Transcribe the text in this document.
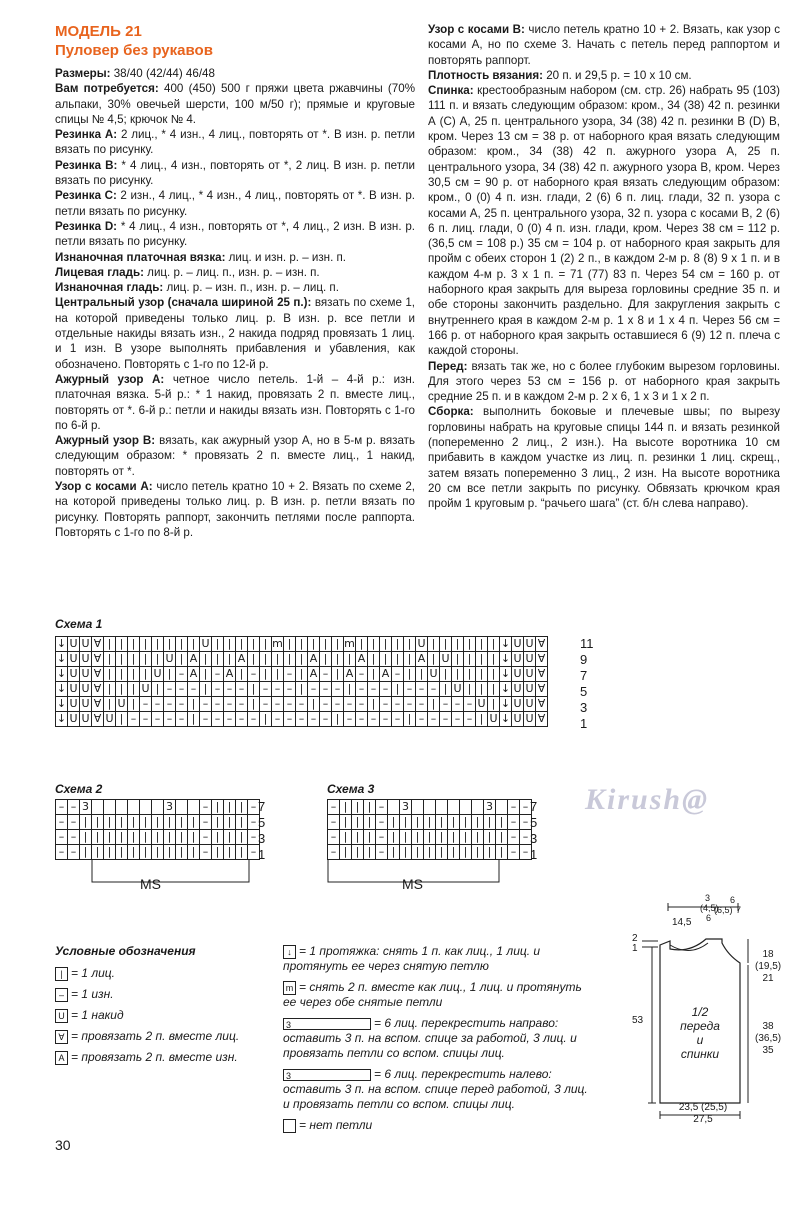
МОДЕЛЬ 21

Пуловер без рукавов

Размеры: 38/40 (42/44) 46/48

Вам потребуется: 400 (450) 500 г пряжи цвета ржавчины (70% альпаки, 30% овечьей шерсти, 100 м/50 г); прямые и круговые спицы № 4,5; крючок № 4.

Резинка А: 2 лиц., * 4 изн., 4 лиц., повторять от *. В изн. р. петли вязать по рисунку.

Резинка В: * 4 лиц., 4 изн., повторять от *, 2 лиц. В изн. р. петли вязать по рисунку.

Резинка С: 2 изн., 4 лиц., * 4 изн., 4 лиц., повторять от *. В изн. р. петли вязать по рисунку.

Резинка D: * 4 лиц., 4 изн., повторять от *, 4 лиц., 2 изн. В изн. р. петли вязать по рисунку.

Изнаночная платочная вязка: лиц. и изн. р. – изн. п.

Лицевая гладь: лиц. р. – лиц. п., изн. р. – изн. п.

Изнаночная гладь: лиц. р. – изн. п., изн. р. – лиц. п.

Центральный узор (сначала шириной 25 п.): вязать по схеме 1, на которой приведены только лиц. р. В изн. р. все петли и отдельные накиды вязать изн., 2 накида подряд провязать 1 лиц. и 1 изн. В узоре выполнять прибавления и убавления, как обозначено. Повторять с 1-го по 12-й р.

Ажурный узор А: четное число петель. 1-й – 4-й р.: изн. платочная вязка. 5-й р.: * 1 накид, провязать 2 п. вместе лиц., повторять от *. 6-й р.: петли и накиды вязать изн. Повторять с 1-го по 6-й р.

Ажурный узор В: вязать, как ажурный узор А, но в 5-м р. вязать следующим образом: * провязать 2 п. вместе лиц., 1 накид, повторять от *.

Узор с косами А: число петель кратно 10 + 2. Вязать по схеме 2, на которой приведены только лиц. р. В изн. р. петли вязать по рисунку. Повторять раппорт, закончить петлями после раппорта. Повторять с 1-го по 8-й р.

Узор с косами В: число петель кратно 10 + 2. Вязать, как узор с косами А, но по схеме 3. Начать с петель перед раппортом и повторять раппорт.

Плотность вязания: 20 п. и 29,5 р. = 10 х 10 см.

Спинка: крестообразным набором (см. стр. 26) набрать 95 (103) 111 п. и вязать следующим образом: кром., 34 (38) 42 п. резинки А (С) А, 25 п. центрального узора, 34 (38) 42 п. резинки В (D) В, кром. Через 13 см = 38 р. от наборного края вязать следующим образом: кром., 34 (38) 42 п. ажурного узора А, 25 п. центрального узора, 34 (38) 42 п. ажурного узора В, кром. Через 30,5 см = 90 р. от наборного края вязать следующим образом: кром., 0 (0) 4 п. изн. глади, 2 (6) 6 п. лиц. глади, 32 п. узора с косами А, 25 п. центрального узора, 32 п. узора с косами В, 2 (6) 6 п. лиц. глади, 0 (0) 4 п. изн. глади, кром. Через 38 см = 112 р. (36,5 см = 108 р.) 35 см = 104 р. от наборного края закрыть для пройм с обеих сторон 1 (2) 2 п., в каждом 2-м р. 8 (8) 9 х 1 п. и в каждом 4-м р. 3 х 1 п. = 71 (77) 83 п. Через 54 см = 160 р. от наборного края закрыть для выреза горловины средние 35 п. и обе стороны закончить раздельно. Для закругления закрыть с внутреннего края в каждом 2-м р. 1 х 8 и 1 х 4 п. Через 56 см = 166 р. от наборного края закрыть оставшиеся 6 (9) 12 п. плеча с каждой стороны.

Перед: вязать так же, но с более глубоким вырезом горловины. Для этого через 53 см = 156 р. от наборного края закрыть средние 25 п. и в каждом 2-м р. 2 х 6, 1 х 3 и 1 х 2 п.

Сборка: выполнить боковые и плечевые швы; по вырезу горловины набрать на круговые спицы 144 п. и вязать резинкой (попеременно 2 лиц., 2 изн.). На высоте воротника 10 см прибавить в каждом участке из лиц. п. резинки 1 лиц. скрещ., затем вязать попеременно 3 лиц., 2 изн. На высоте воротника 20 см все петли закрыть по рисунку. Обвязать крючком края пройм 1 круговым р. “рачьего шага” (ст. б/н слева направо).

Схема 1
↓	U	U	∀	|	|	|	|	|	|	|	|	U	|	|	|	|	|	m	|	|	|	|	|	m	|	|	|	|	|	U	|	|	|	|	|	|	↓	U	U	∀
↓	U	U	∀	|	|	|	|	|	U	|	A	|	|	|	A	|	|	|	|	|	A	|	|	|	A	|	|	|	|	A	|	U	|	|	|	|	↓	U	U	∀
↓	U	U	∀	|	|	|	|	U	|	–	A	|	–	A	|	–	|	|	–	|	A	–	|	A	–	|	A	–	|	|	U	|	|	|	|	|	↓	U	U	∀
↓	U	U	∀	|	|	|	U	|	–	–	–	|	–	–	–	|	–	–	–	|	–	–	–	|	–	–	–	|	–	–	–	|	U	|	|	|	↓	U	U	∀
↓	U	U	∀	|	U	|	–	–	–	–	|	–	–	–	–	|	–	–	–	–	|	–	–	–	–	|	–	–	–	–	|	–	–	–	U	|	↓	U	U	∀
↓	U	U	∀	U	|	–	–	–	–	–	|	–	–	–	–	–	|	–	–	–	–	–	|	–	–	–	–	–	|	–	–	–	–	–	|	U	↓	U	U	∀
11
9
7
5
3
1
Схема 2
–	–	3							3			–	|	|	|	–
–	–	|	|	|	|	|	|	|	|	|	|	–	|	|	|	–
–	–	|	|	|	|	|	|	|	|	|	|	–	|	|	|	–
–	–	|	|	|	|	|	|	|	|	|	|	–	|	|	|	–
7
5
3
1
MS
Схема 3
–	|	|	|	–		3							3		–	–
–	|	|	|	–	|	|	|	|	|	|	|	|	|	|	–	–
–	|	|	|	–	|	|	|	|	|	|	|	|	|	|	–	–
–	|	|	|	–	|	|	|	|	|	|	|	|	|	|	–	–
7
5
3
1
MS
Kirush@
Условные обозначения
| = 1 лиц.
– = 1 изн.
U = 1 накид
∀ = провязать 2 п. вместе лиц.
A = провязать 2 п. вместе изн.
↓ = 1 протяжка: снять 1 п. как лиц., 1 лиц. и протянуть ее через снятую петлю
m = снять 2 п. вместе как лиц., 1 лиц. и протянуть ее через обе снятые петли
3	= 6 лиц. перекрестить направо: оставить 3 п. на вспом. спице за работой, 3 лиц. и провязать петли со вспом. спицы лиц.
3	= 6 лиц. перекрестить налево: оставить 3 п. на вспом. спице перед работой, 3 лиц. и провязать петли со вспом. спицы лиц.
= нет петли
3
(4,5)
6
6
(6,5) 7
14,5
2
1
18
(19,5)
21
53
1/2
переда
и
спинки
38
(36,5)
35
23,5 (25,5)
27,5
30
